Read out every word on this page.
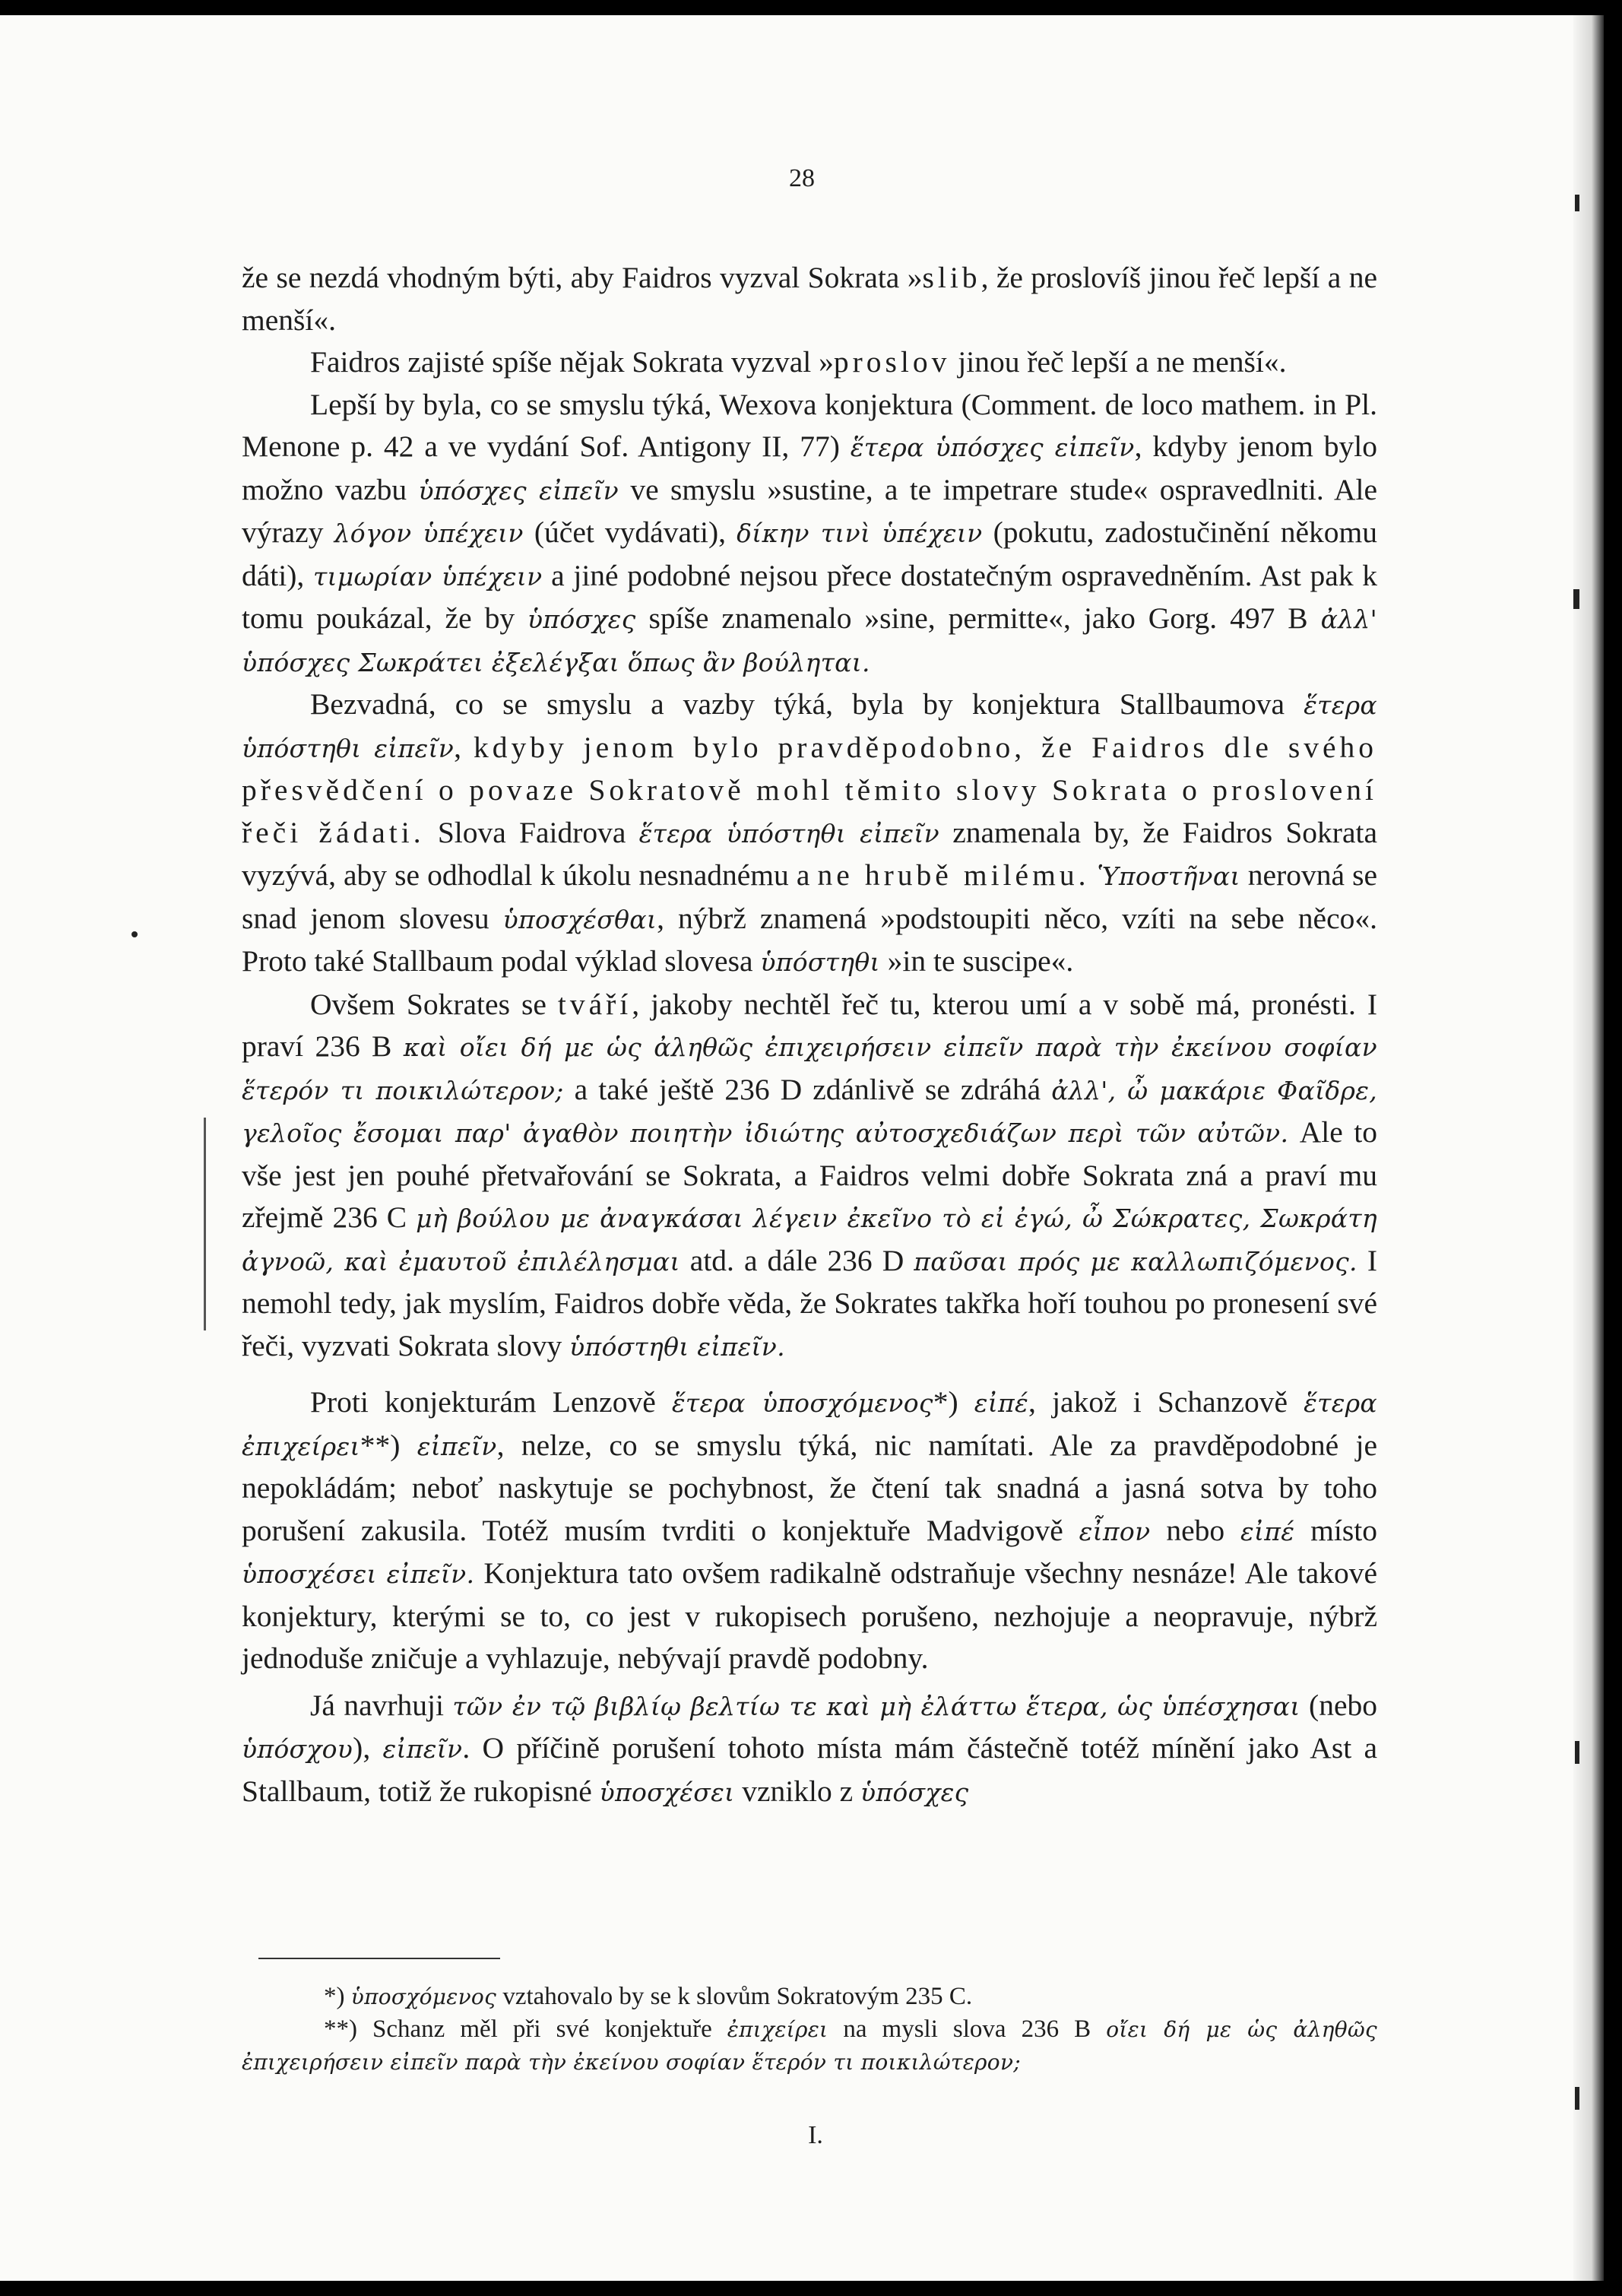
28

že se nezdá vhodným býti, aby Faidros vyzval Sokrata »slib, že proslovíš jinou řeč lepší a ne menší«.

Faidros zajisté spíše nějak Sokrata vyzval »proslov jinou řeč lepší a ne menší«.

Lepší by byla, co se smyslu týká, Wexova konjektura (Comment. de loco mathem. in Pl. Menone p. 42 a ve vydání Sof. Antigony II, 77) ἕτερα ὑπόσχες εἰπεῖν, kdyby jenom bylo možno vazbu ὑπόσχες εἰπεῖν ve smyslu »sustine, a te impetrare stude« ospravedlniti. Ale výrazy λόγον ὑπέχειν (účet vydávati), δίκην τινὶ ὑπέχειν (pokutu, zadostučinění někomu dáti), τιμωρίαν ὑπέχειν a jiné podobné nejsou přece dostatečným ospravedněním. Ast pak k tomu poukázal, že by ὑπόσχες spíše znamenalo »sine, permitte«, jako Gorg. 497 B ἀλλ' ὑπόσχες Σωκράτει ἐξελέγξαι ὅπως ἂν βούληται.

Bezvadná, co se smyslu a vazby týká, byla by konjektura Stallbaumova ἕτερα ὑπόστηθι εἰπεῖν, kdyby jenom bylo pravděpodobno, že Faidros dle svého přesvědčení o povaze Sokratově mohl těmito slovy Sokrata o proslovení řeči žádati. Slova Faidrova ἕτερα ὑπόστηθι εἰπεῖν znamenala by, že Faidros Sokrata vyzývá, aby se odhodlal k úkolu nesnadnému a ne hrubě milému. Ὑποστῆναι nerovná se snad jenom slovesu ὑποσχέσθαι, nýbrž znamená »podstoupiti něco, vzíti na sebe něco«. Proto také Stallbaum podal výklad slovesa ὑπόστηθι »in te suscipe«.

Ovšem Sokrates se tváří, jakoby nechtěl řeč tu, kterou umí a v sobě má, pronésti. I praví 236 B καὶ οἴει δή με ὡς ἀληθῶς ἐπιχειρήσειν εἰπεῖν παρὰ τὴν ἐκείνου σοφίαν ἕτερόν τι ποικιλώτερον; a také ještě 236 D zdánlivě se zdráhá ἀλλ', ὦ μακάριε Φαῖδρε, γελοῖος ἔσομαι παρ' ἀγαθὸν ποιητὴν ἰδιώτης αὐτοσχεδιάζων περὶ τῶν αὐτῶν. Ale to vše jest jen pouhé přetvařování se Sokrata, a Faidros velmi dobře Sokrata zná a praví mu zřejmě 236 C μὴ βούλου με ἀναγκάσαι λέγειν ἐκεῖνο τὸ εἰ ἐγώ, ὦ Σώκρατες, Σωκράτη ἀγνοῶ, καὶ ἐμαυτοῦ ἐπιλέλησμαι atd. a dále 236 D παῦσαι πρός με καλλωπιζόμενος. I nemohl tedy, jak myslím, Faidros dobře věda, že Sokrates takřka hoří touhou po pronesení své řeči, vyzvati Sokrata slovy ὑπόστηθι εἰπεῖν.

Proti konjekturám Lenzově ἕτερα ὑποσχόμενος*) εἰπέ, jakož i Schanzově ἕτερα ἐπιχείρει**) εἰπεῖν, nelze, co se smyslu týká, nic namítati. Ale za pravděpodobné je nepokládám; neboť naskytuje se pochybnost, že čtení tak snadná a jasná sotva by toho porušení zakusila. Totéž musím tvrditi o konjektuře Madvigově εἶπον nebo εἰπέ místo ὑποσχέσει εἰπεῖν. Konjektura tato ovšem radikalně odstraňuje všechny nesnáze! Ale takové konjektury, kterými se to, co jest v rukopisech porušeno, nezhojuje a neopravuje, nýbrž jednoduše zničuje a vyhlazuje, nebývají pravdě podobny.

Já navrhuji τῶν ἐν τῷ βιβλίῳ βελτίω τε καὶ μὴ ἐλάττω ἕτερα, ὡς ὑπέσχησαι (nebo ὑπόσχου), εἰπεῖν. O příčině porušení tohoto místa mám částečně totéž mínění jako Ast a Stallbaum, totiž že rukopisné ὑποσχέσει vzniklo z ὑπόσχες

*) ὑποσχόμενος vztahovalo by se k slovům Sokratovým 235 C.

**) Schanz měl při své konjektuře ἐπιχείρει na mysli slova 236 B οἴει δή με ὡς ἀληθῶς ἐπιχειρήσειν εἰπεῖν παρὰ τὴν ἐκείνου σοφίαν ἕτερόν τι ποικιλώτερον;

I.
